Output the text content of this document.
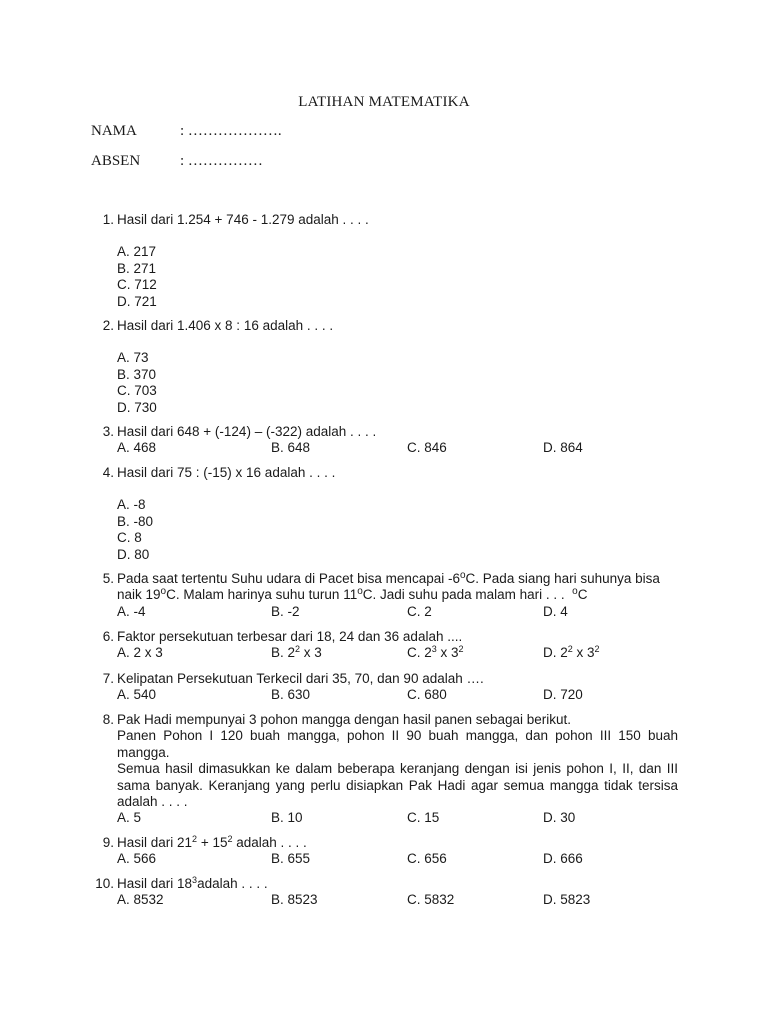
LATIHAN MATEMATIKA
NAMA	: ……………….
ABSEN	: ……………
1. Hasil dari 1.254 + 746 - 1.279 adalah . . . .
A. 217
B. 271
C. 712
D. 721
2. Hasil dari 1.406 x 8 : 16 adalah . . . .
A. 73
B. 370
C. 703
D. 730
3. Hasil dari 648 + (-124) – (-322) adalah . . . .
A. 468	B. 648	C. 846	D. 864
4. Hasil dari 75 : (-15) x 16 adalah . . . .
A. -8
B. -80
C. 8
D. 80
5. Pada saat tertentu Suhu udara di Pacet bisa mencapai -6$^o$C. Pada siang hari suhunya bisa
naik 19$^o$C. Malam harinya suhu turun 11$^o$C. Jadi suhu pada malam hari . . . $^o$C
A. -4	B. -2	C. 2	D. 4
6. Faktor persekutuan terbesar dari 18, 24 dan 36 adalah ....
A. 2 x 3	B. $2^2$ x 3	C. $2^3$ x $3^2$	D. $2^2$ x $3^2$
7. Kelipatan Persekutuan Terkecil dari 35, 70, dan 90 adalah ….
A. 540	B. 630	C. 680	D. 720
8. Pak Hadi mempunyai 3 pohon mangga dengan hasil panen sebagai berikut.
Panen Pohon I 120 buah mangga, pohon II 90 buah mangga, dan pohon III 150 buah mangga.
Semua hasil dimasukkan ke dalam beberapa keranjang dengan isi jenis pohon I, II, dan III sama banyak. Keranjang yang perlu disiapkan Pak Hadi agar semua mangga tidak tersisa adalah . . . .
A. 5	B. 10	C. 15	D. 30
9. Hasil dari $21^2 + 15^2$ adalah . . . .
A. 566	B. 655	C. 656	D. 666
10. Hasil dari $18^3adalah$ . . . .
A. 8532	B. 8523	C. 5832	D. 5823
